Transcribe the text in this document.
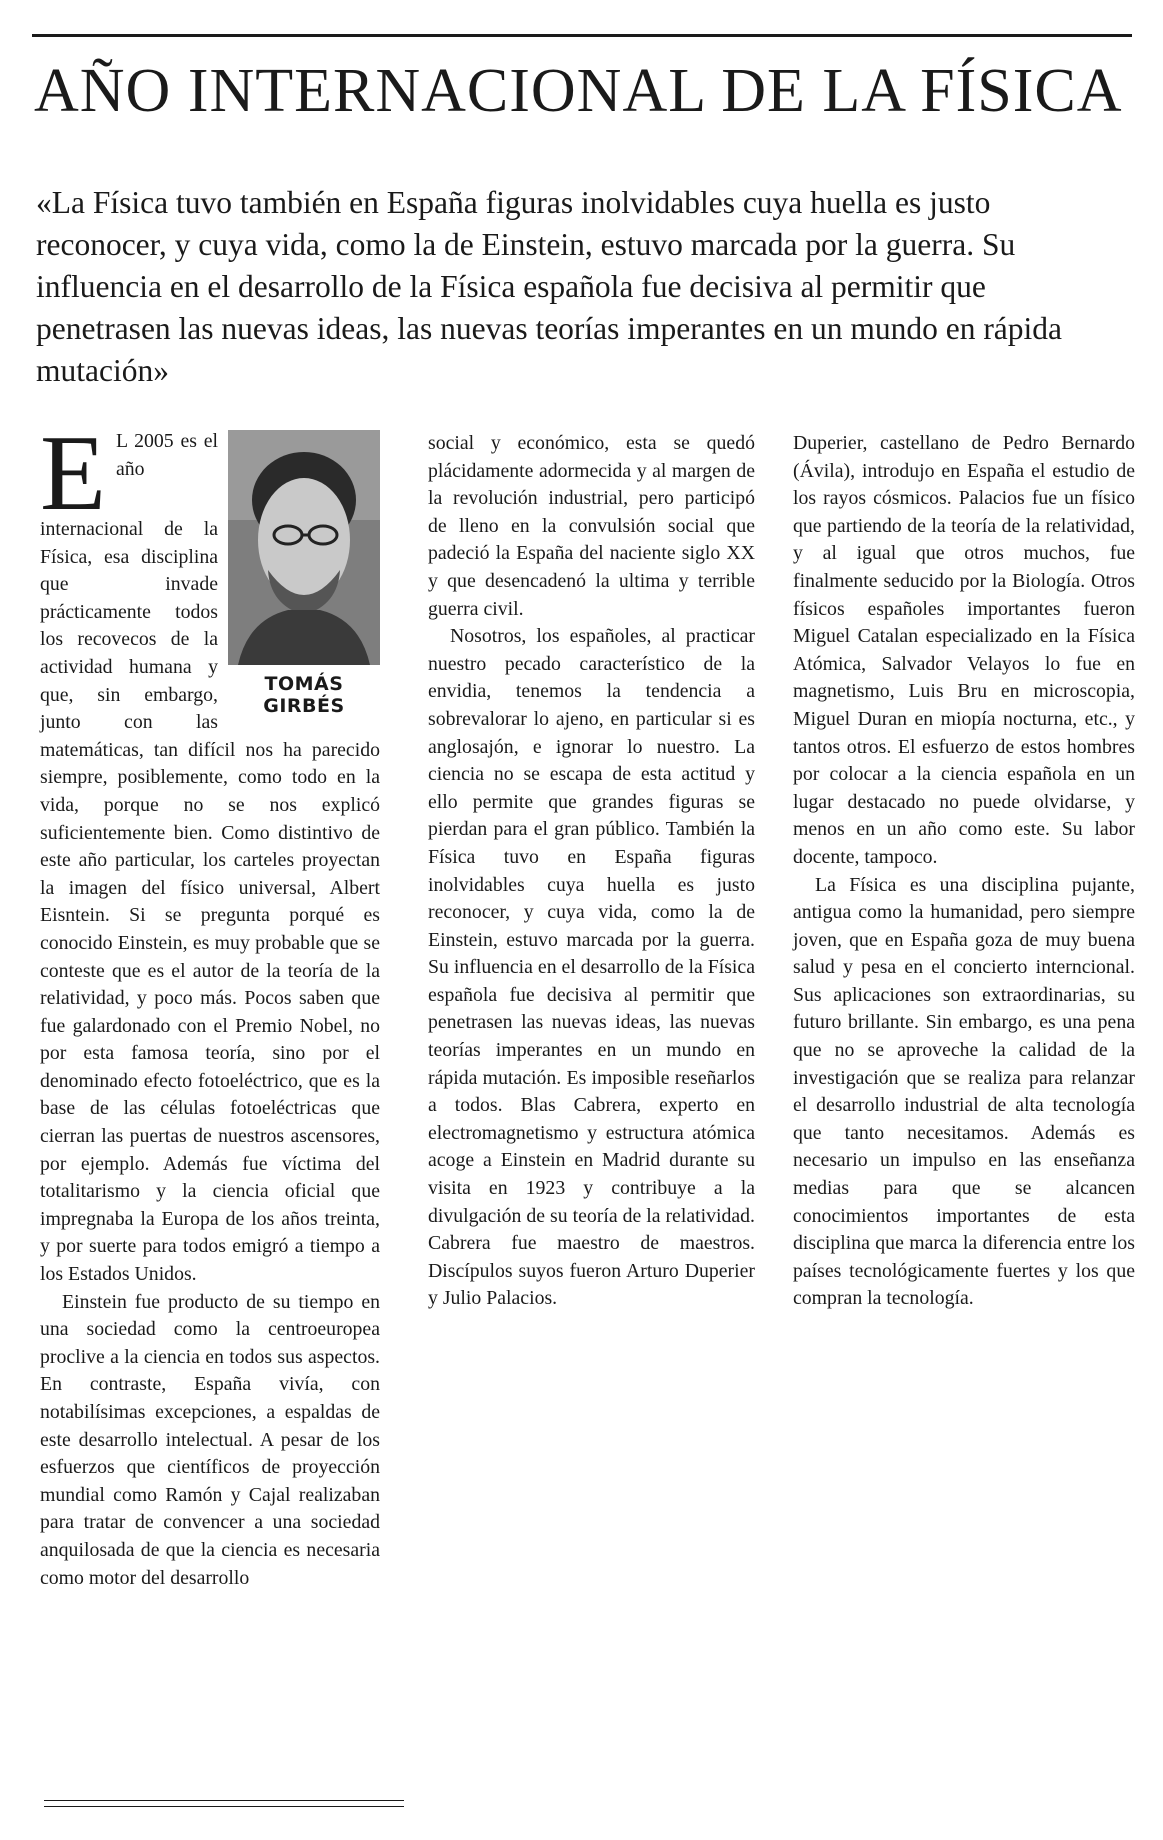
AÑO INTERNACIONAL DE LA FÍSICA

«La Física tuvo también en España figuras inolvidables cuya huella es justo reconocer, y cuya vida, como la de Einstein, estuvo marcada por la guerra. Su influencia en el desarrollo de la Física española fue decisiva al permitir que penetrasen las nuevas ideas, las nuevas teorías imperantes en un mundo en rápida mutación»

TOMÁS
GIRBÉS

E L 2005 es el año internacional de la Física, esa disciplina que invade prácticamente todos los recovecos de la actividad humana y que, sin embargo, junto con las matemáticas, tan difícil nos ha parecido siempre, posiblemente, como todo en la vida, porque no se nos explicó suficientemente bien. Como distintivo de este año particular, los carteles proyectan la imagen del físico universal, Albert Eisntein. Si se pregunta porqué es conocido Einstein, es muy probable que se conteste que es el autor de la teoría de la relatividad, y poco más. Pocos saben que fue galardonado con el Premio Nobel, no por esta famosa teoría, sino por el denominado efecto fotoeléctrico, que es la base de las células fotoeléctricas que cierran las puertas de nuestros ascensores, por ejemplo. Además fue víctima del totalitarismo y la ciencia oficial que impregnaba la Europa de los años treinta, y por suerte para todos emigró a tiempo a los Estados Unidos.

Einstein fue producto de su tiempo en una sociedad como la centroeuropea proclive a la ciencia en todos sus aspectos. En contraste, España vivía, con notabilísimas excepciones, a espaldas de este desarrollo intelectual. A pesar de los esfuerzos que científicos de proyección mundial como Ramón y Cajal realizaban para tratar de convencer a una sociedad anquilosada de que la ciencia es necesaria como motor del desarrollo

social y económico, esta se quedó plácidamente adormecida y al margen de la revolución industrial, pero participó de lleno en la convulsión social que padeció la España del naciente siglo XX y que desencadenó la ultima y terrible guerra civil.

Nosotros, los españoles, al practicar nuestro pecado característico de la envidia, tenemos la tendencia a sobrevalorar lo ajeno, en particular si es anglosajón, e ignorar lo nuestro. La ciencia no se escapa de esta actitud y ello permite que grandes figuras se pierdan para el gran público. También la Física tuvo en España figuras inolvidables cuya huella es justo reconocer, y cuya vida, como la de Einstein, estuvo marcada por la guerra. Su influencia en el desarrollo de la Física española fue decisiva al permitir que penetrasen las nuevas ideas, las nuevas teorías imperantes en un mundo en rápida mutación. Es imposible reseñarlos a todos. Blas Cabrera, experto en electromagnetismo y estructura atómica acoge a Einstein en Madrid durante su visita en 1923 y contribuye a la divulgación de su teoría de la relatividad. Cabrera fue maestro de maestros. Discípulos suyos fueron Arturo Duperier y Julio Palacios.

Duperier, castellano de Pedro Bernardo (Ávila), introdujo en España el estudio de los rayos cósmicos. Palacios fue un físico que partiendo de la teoría de la relatividad, y al igual que otros muchos, fue finalmente seducido por la Biología. Otros físicos españoles importantes fueron Miguel Catalan especializado en la Física Atómica, Salvador Velayos lo fue en magnetismo, Luis Bru en microscopia, Miguel Duran en miopía nocturna, etc., y tantos otros. El esfuerzo de estos hombres por colocar a la ciencia española en un lugar destacado no puede olvidarse, y menos en un año como este. Su labor docente, tampoco.

La Física es una disciplina pujante, antigua como la humanidad, pero siempre joven, que en España goza de muy buena salud y pesa en el concierto interncional. Sus aplicaciones son extraordinarias, su futuro brillante. Sin embargo, es una pena que no se aproveche la calidad de la investigación que se realiza para relanzar el desarrollo industrial de alta tecnología que tanto necesitamos. Además es necesario un impulso en las enseñanza medias para que se alcancen conocimientos importantes de esta disciplina que marca la diferencia entre los países tecnológicamente fuertes y los que compran la tecnología.
